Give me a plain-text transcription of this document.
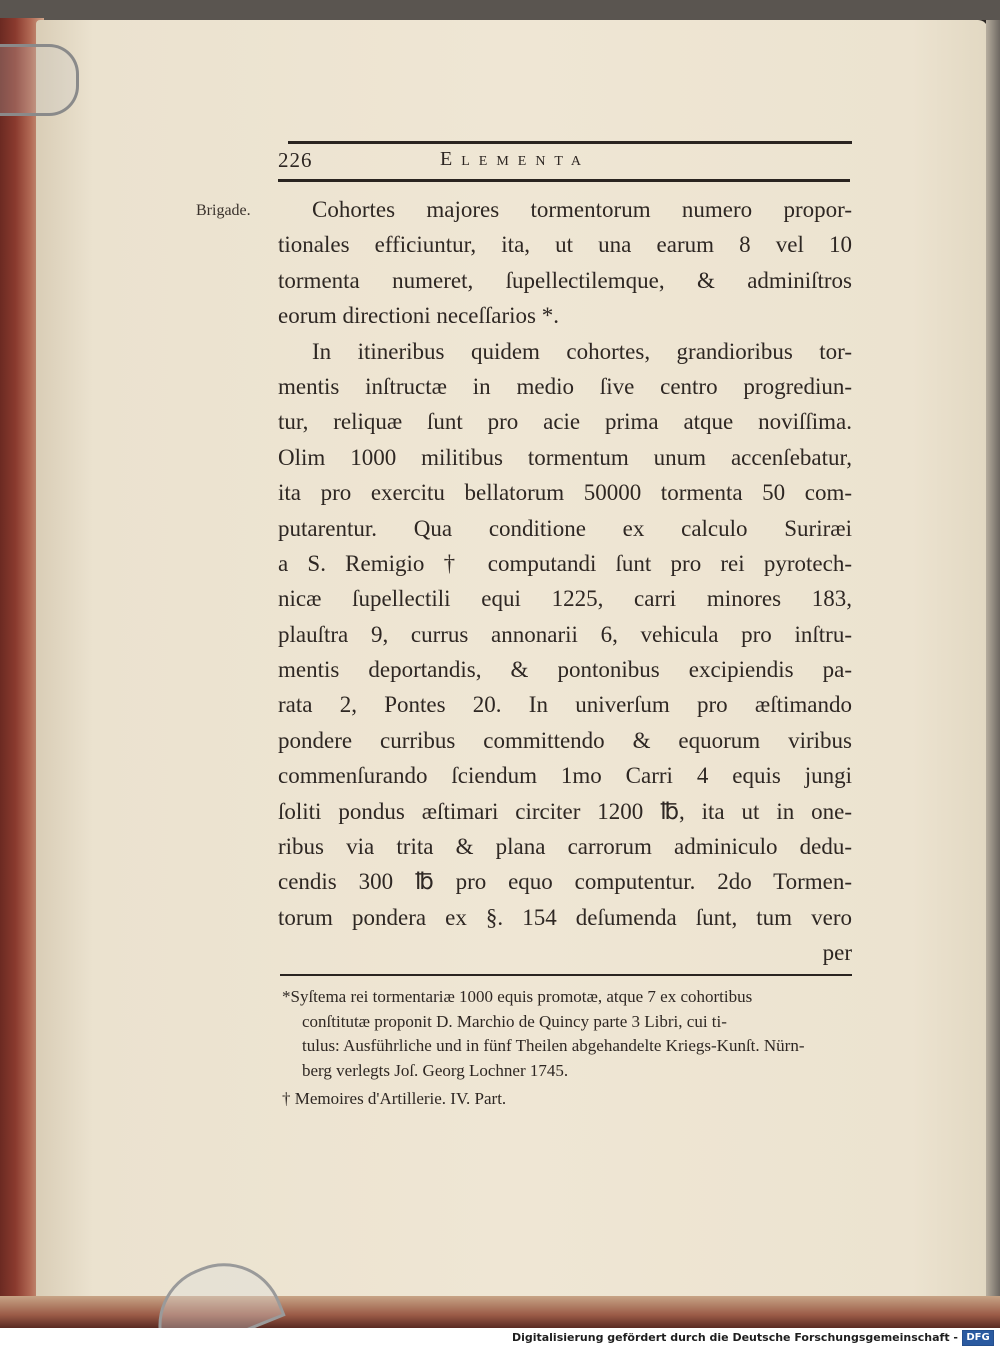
226	Elementa
Brigade.	Cohortes majores tormentorum numero propor-
tionales efficiuntur, ita, ut una earum 8 vel 10
tormenta numeret, ſupellectilemque, & adminiſtros
eorum directioni neceſſarios *.
In itineribus quidem cohortes, grandioribus tor-
mentis inſtructæ in medio ſive centro progrediun-
tur, reliquæ ſunt pro acie prima atque noviſſima.
Olim 1000 militibus tormentum unum accenſebatur,
ita pro exercitu bellatorum 50000 tormenta 50 com-
putarentur. Qua conditione ex calculo Suriræi
a S. Remigio † computandi ſunt pro rei pyrotech-
nicæ ſupellectili equi 1225, carri minores 183,
plauſtra 9, currus annonarii 6, vehicula pro inſtru-
mentis deportandis, & pontonibus excipiendis pa-
rata 2, Pontes 20. In univerſum pro æſtimando
pondere curribus committendo & equorum viribus
commenſurando ſciendum 1mo Carri 4 equis jungi
ſoliti pondus æſtimari circiter 1200 ℔, ita ut in one-
ribus via trita & plana carrorum adminiculo dedu-
cendis 300 ℔ pro equo computentur. 2do Tormen-
torum pondera ex §. 154 deſumenda ſunt, tum vero
per
*Syſtema rei tormentariæ 1000 equis promotæ, atque 7 ex cohortibus
conſtitutæ proponit D. Marchio de Quincy parte 3 Libri, cui ti-
tulus: Ausführliche und in fünf Theilen abgehandelte Kriegs-Kunſt. Nürn-
berg verlegts Joſ. Georg Lochner 1745.
† Memoires d'Artillerie. IV. Part.
Digitalisierung gefördert durch die Deutsche Forschungsgemeinschaft - DFG
